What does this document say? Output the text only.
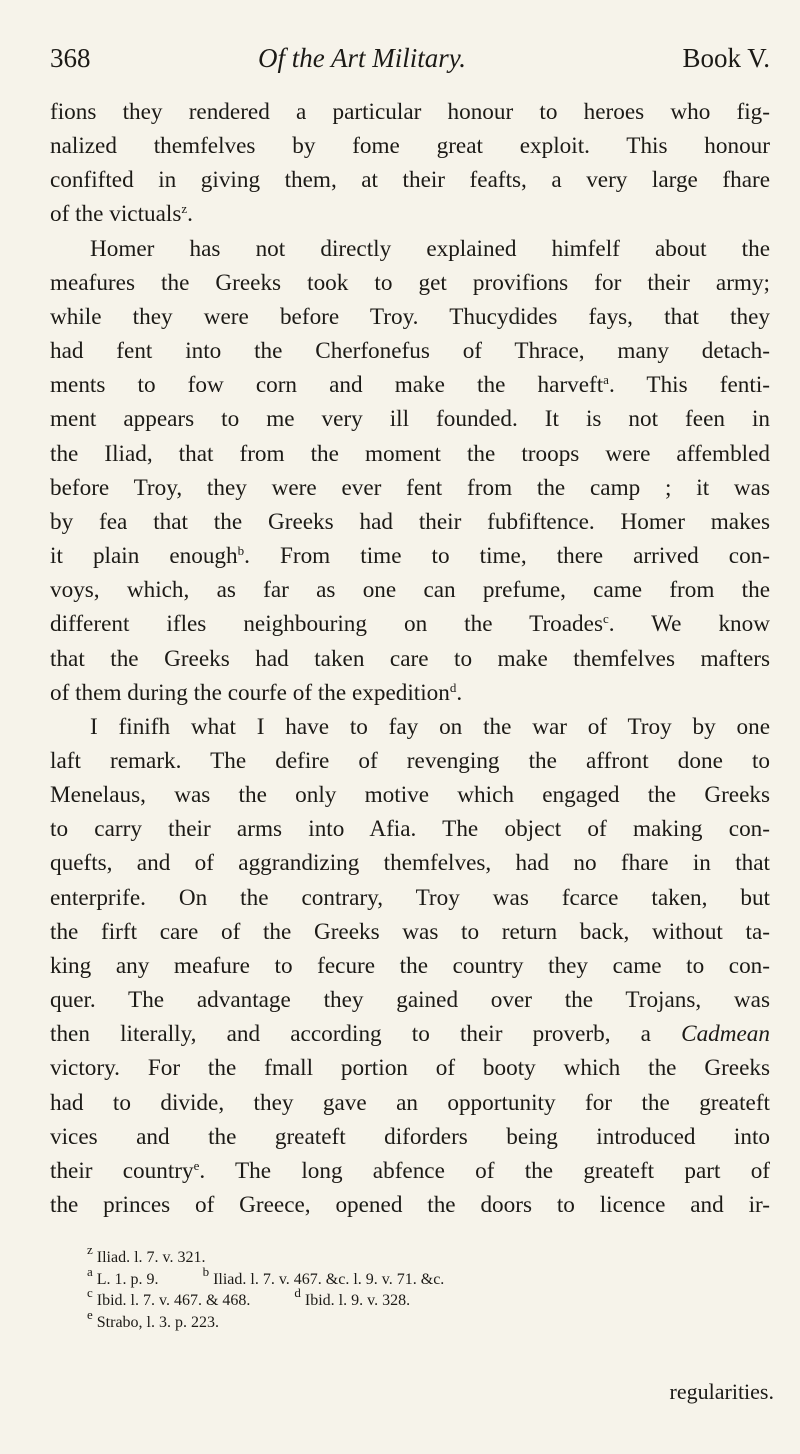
368	Of the Art Military.	Book V.
fions they rendered a particular honour to heroes who fig-
nalized themfelves by fome great exploit. This honour
confifted in giving them, at their feafts, a very large fhare
of the victuals$^z$.
Homer has not directly explained himfelf about the
meafures the Greeks took to get provifions for their army;
while they were before Troy. Thucydides fays, that they
had fent into the Cherfonefus of Thrace, many detach-
ments to fow corn and make the harveft$^a$. This fenti-
ment appears to me very ill founded. It is not feen in
the Iliad, that from the moment the troops were affembled
before Troy, they were ever fent from the camp ; it was
by fea that the Greeks had their fubfiftence. Homer makes
it plain enough$^b$. From time to time, there arrived con-
voys, which, as far as one can prefume, came from the
different ifles neighbouring on the Troades$^c$. We know
that the Greeks had taken care to make themfelves mafters
of them during the courfe of the expedition$^d$.
I finifh what I have to fay on the war of Troy by one
laft remark. The defire of revenging the affront done to
Menelaus, was the only motive which engaged the Greeks
to carry their arms into Afia. The object of making con-
quefts, and of aggrandizing themfelves, had no fhare in that
enterprife. On the contrary, Troy was fcarce taken, but
the firft care of the Greeks was to return back, without ta-
king any meafure to fecure the country they came to con-
quer. The advantage they gained over the Trojans, was
then literally, and according to their proverb, a Cadmean
victory. For the fmall portion of booty which the Greeks
had to divide, they gave an opportunity for the greateft
vices and the greateft diforders being introduced into
their country$^e$. The long abfence of the greateft part of
the princes of Greece, opened the doors to licence and ir-
$^z$ Iliad. l. 7. v. 321.
$^a$ L. 1. p. 9.	$^b$ Iliad. l. 7. v. 467. &c. l. 9. v. 71. &c.
$^c$ Ibid. l. 7. v. 467. & 468.	$^d$ Ibid. l. 9. v. 328.
$^e$ Strabo, l. 3. p. 223.
regularities.
